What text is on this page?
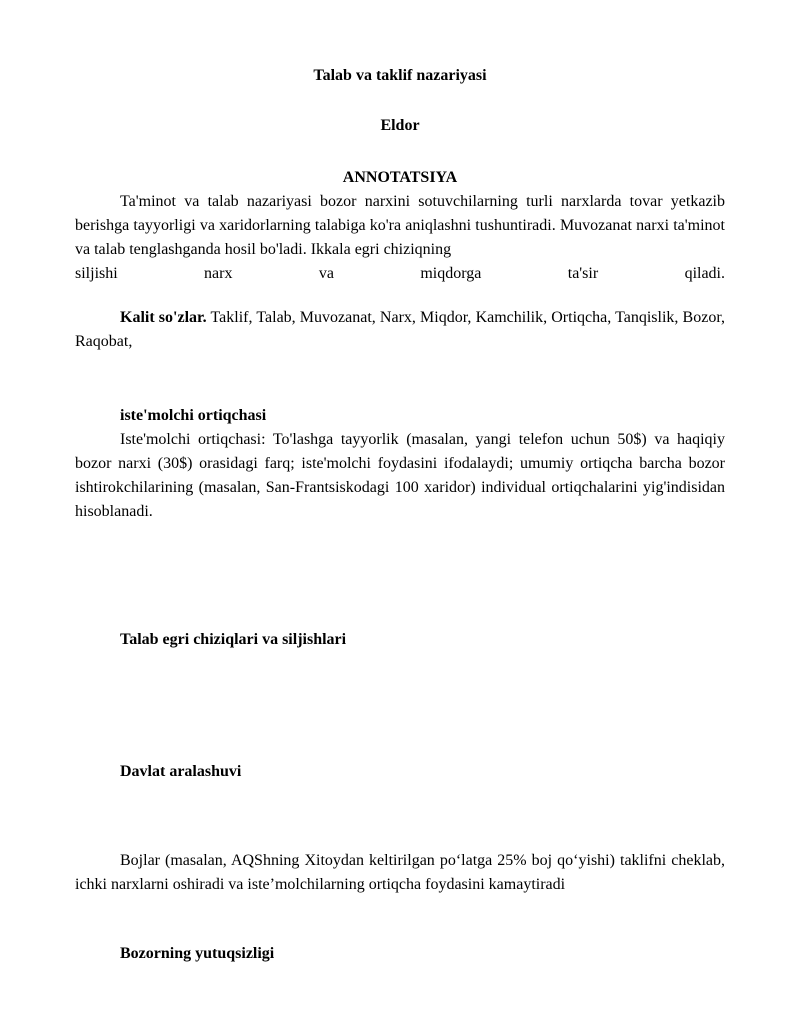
Talab va taklif nazariyasi
Eldor
ANNOTATSIYA

Ta'minot va talab nazariyasi bozor narxini sotuvchilarning turli narxlarda tovar yetkazib berishga tayyorligi va xaridorlarning talabiga ko'ra aniqlashni tushuntiradi. Muvozanat narxi ta'minot va talab tenglashganda hosil bo'ladi. Ikkala egri chiziqning

siljishi narx va miqdorga ta'sir qiladi.

Kalit so'zlar. Taklif, Talab, Muvozanat, Narx, Miqdor, Kamchilik, Ortiqcha, Tanqislik, Bozor, Raqobat,

iste'molchi ortiqchasi

Iste'molchi ortiqchasi: To'lashga tayyorlik (masalan, yangi telefon uchun 50$) va haqiqiy bozor narxi (30$) orasidagi farq; iste'molchi foydasini ifodalaydi; umumiy ortiqcha barcha bozor ishtirokchilarining (masalan, San-Frantsiskodagi 100 xaridor) individual ortiqchalarini yig'indisidan hisoblanadi.

Talab egri chiziqlari va siljishlari
Davlat aralashuvi

Bojlar (masalan, AQShning Xitoydan keltirilgan po‘latga 25% boj qo‘yishi) taklifni cheklab, ichki narxlarni oshiradi va iste’molchilarning ortiqcha foydasini kamaytiradi

Bozorning yutuqsizligi
